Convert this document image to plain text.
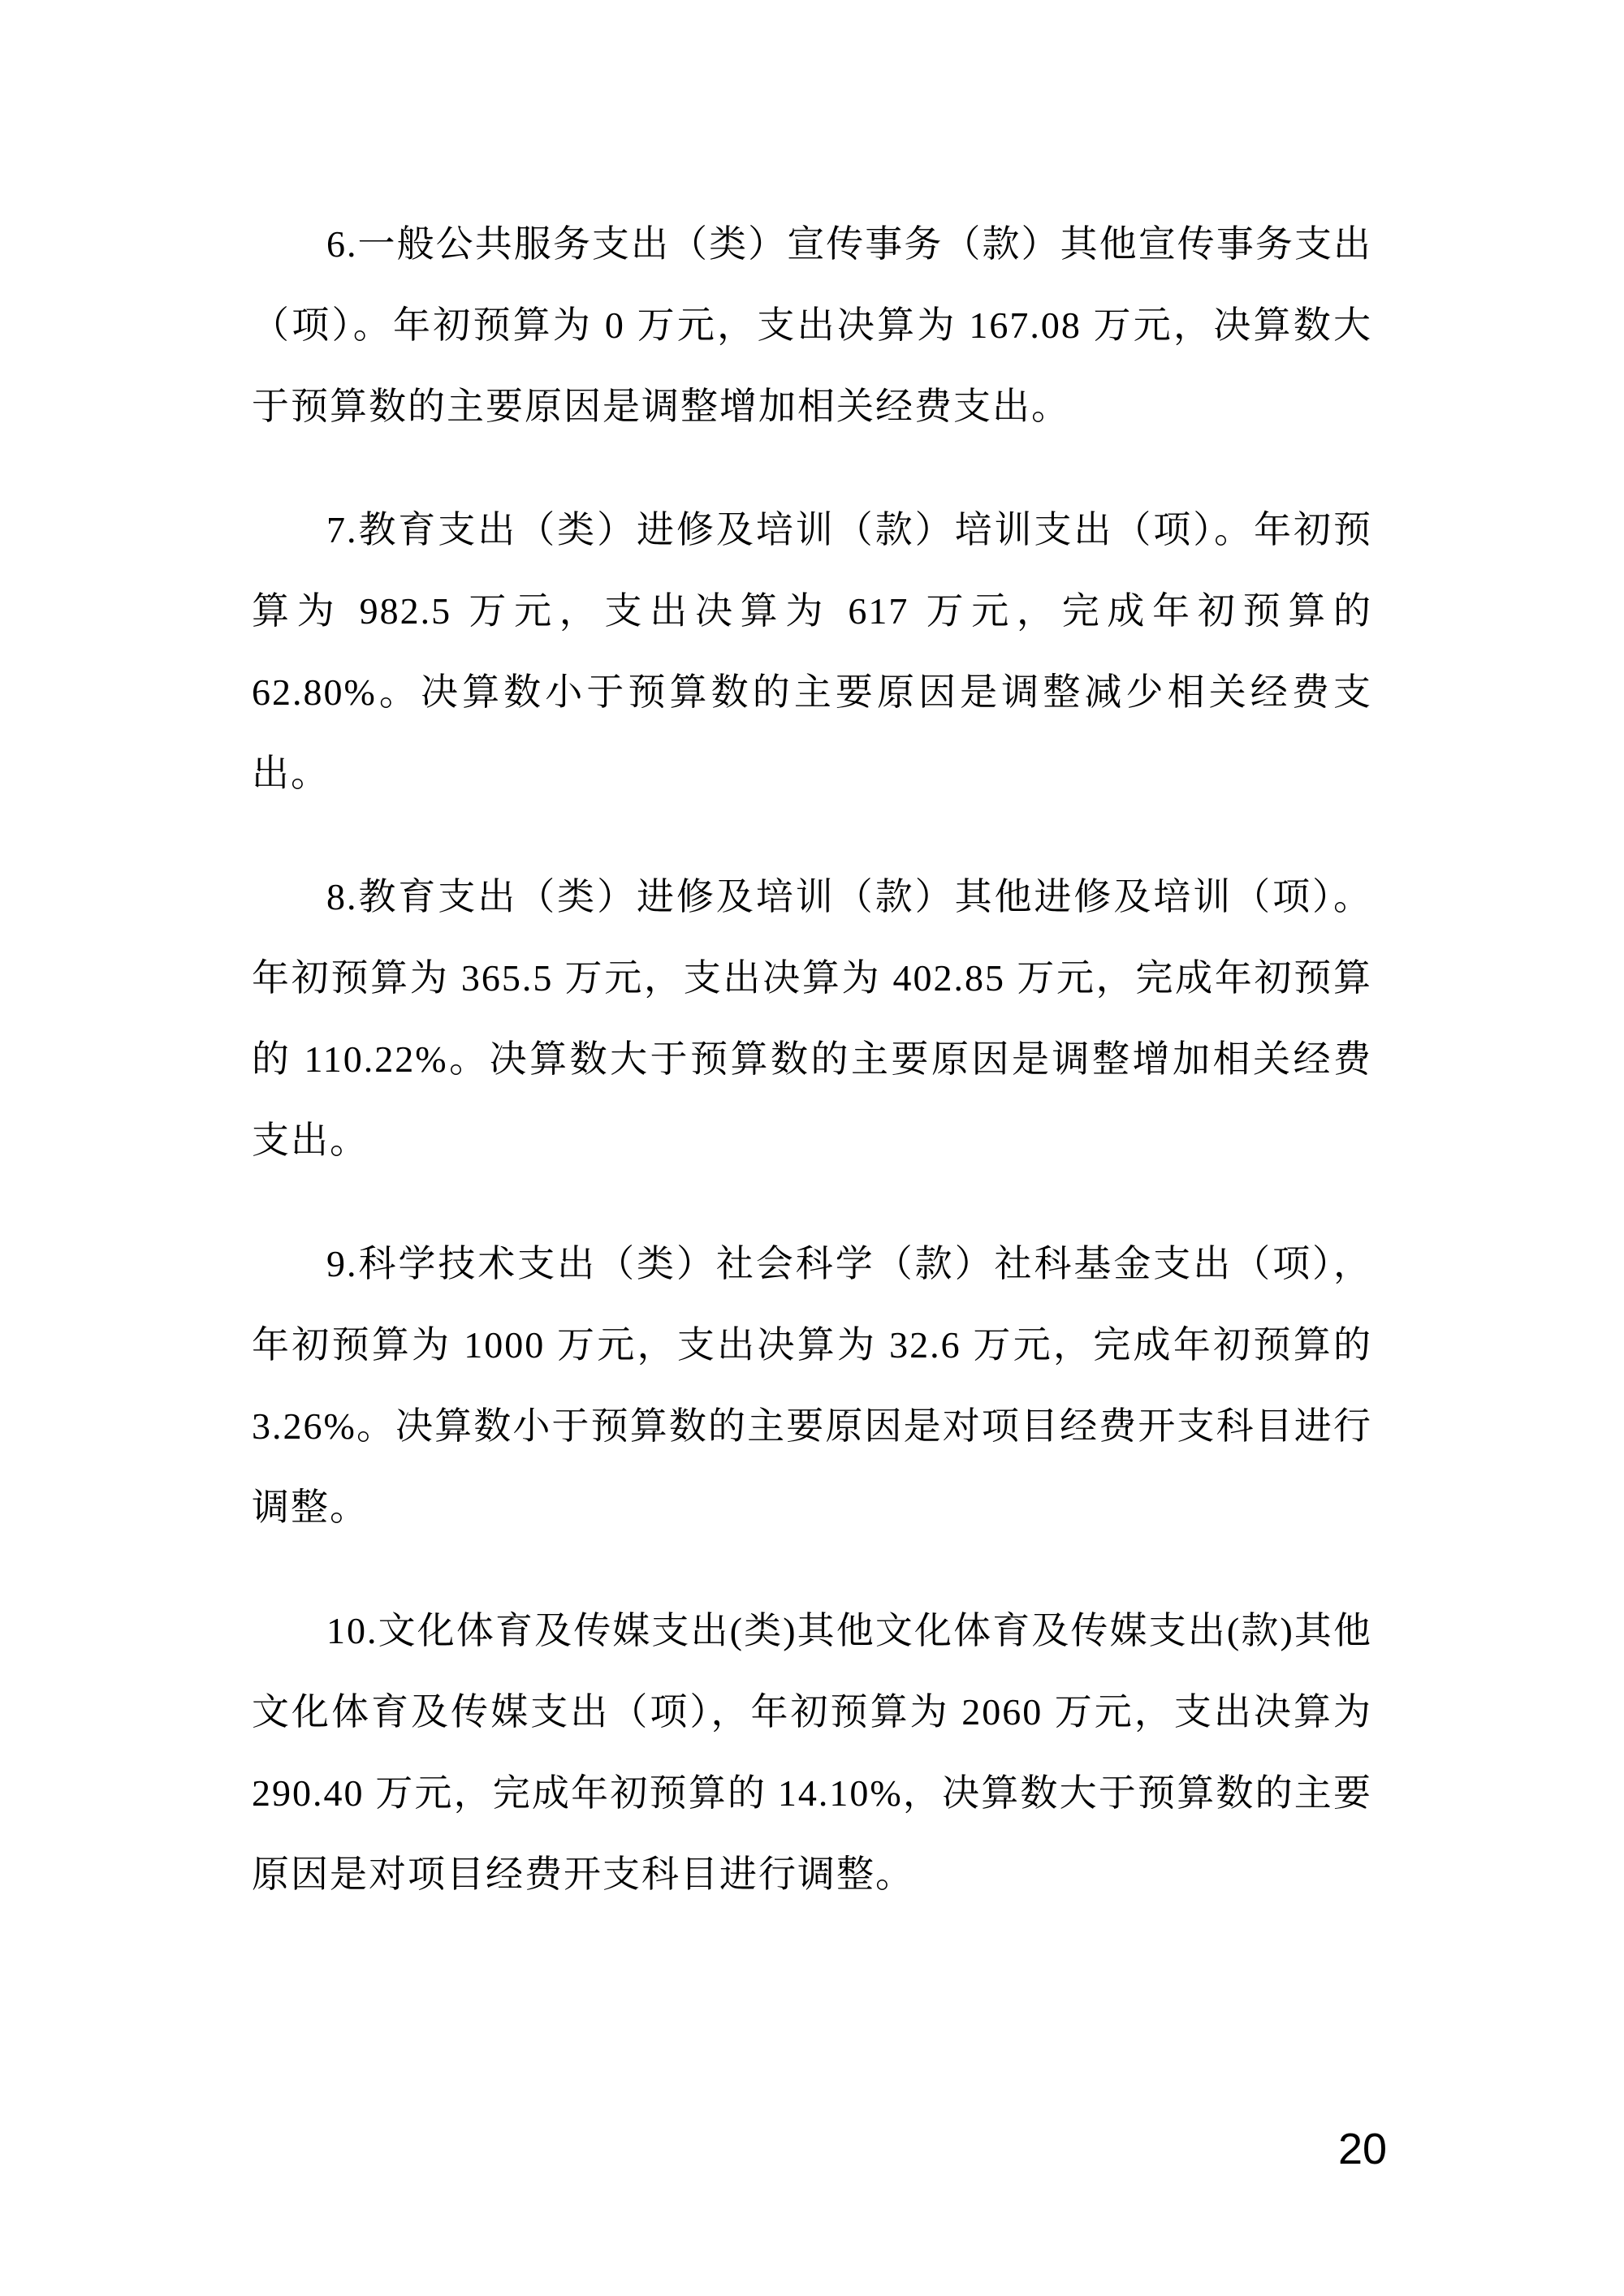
6.一般公共服务支出（类）宣传事务（款）其他宣传事务支出（项）。年初预算为 0 万元，支出决算为 167.08 万元，决算数大于预算数的主要原因是调整增加相关经费支出。

7.教育支出（类）进修及培训（款）培训支出（项）。年初预算为 982.5 万元，支出决算为 617 万元，完成年初预算的 62.80%。决算数小于预算数的主要原因是调整减少相关经费支出。

8.教育支出（类）进修及培训（款）其他进修及培训（项）。年初预算为 365.5 万元，支出决算为 402.85 万元，完成年初预算的 110.22%。决算数大于预算数的主要原因是调整增加相关经费支出。

9.科学技术支出（类）社会科学（款）社科基金支出（项），年初预算为 1000 万元，支出决算为 32.6 万元，完成年初预算的 3.26%。决算数小于预算数的主要原因是对项目经费开支科目进行调整。

10.文化体育及传媒支出(类)其他文化体育及传媒支出(款)其他文化体育及传媒支出（项），年初预算为 2060 万元，支出决算为 290.40 万元，完成年初预算的 14.10%，决算数大于预算数的主要原因是对项目经费开支科目进行调整。

20
